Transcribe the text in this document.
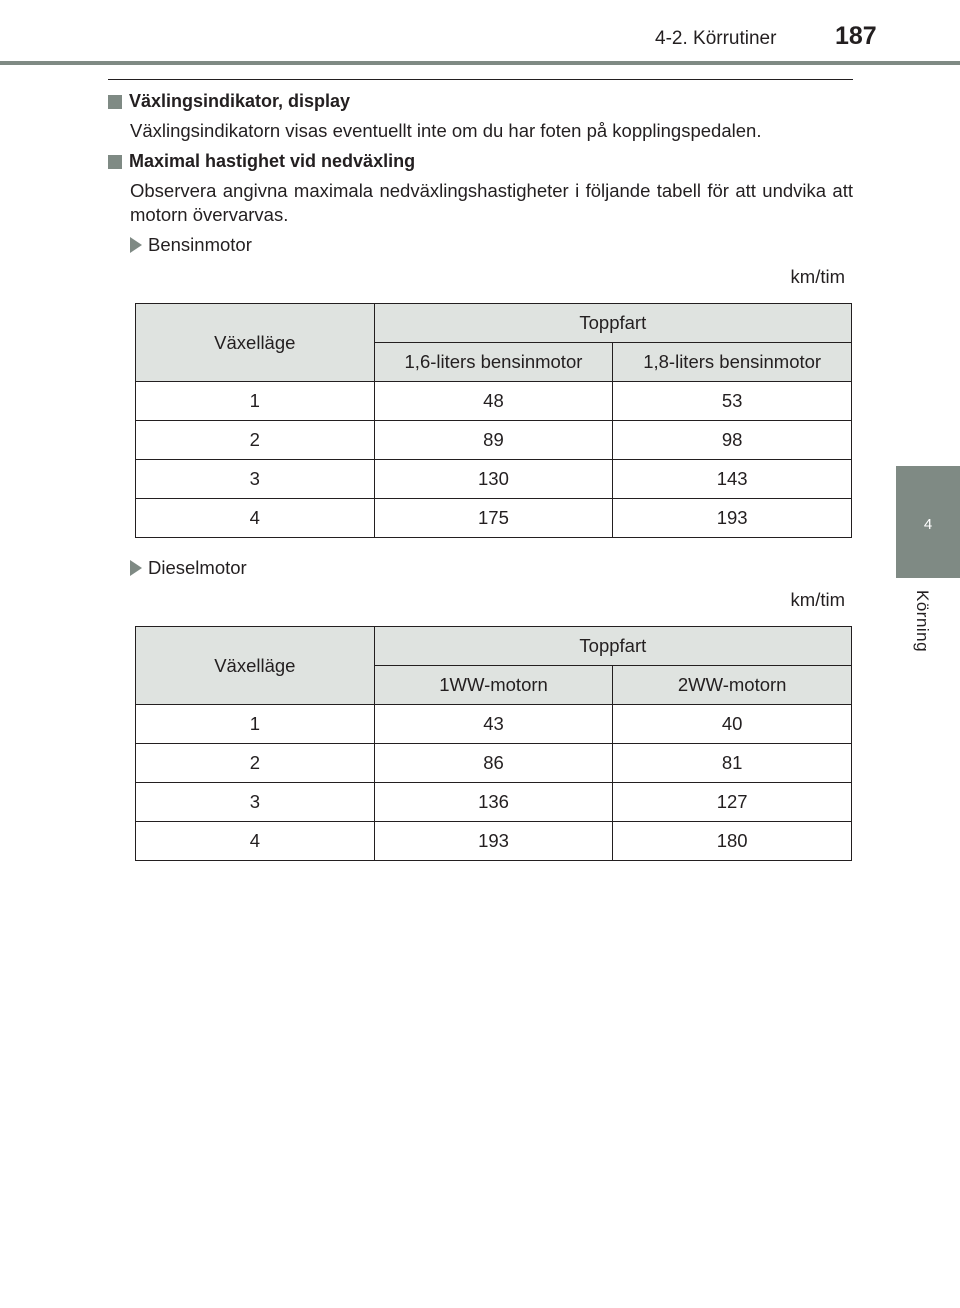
4-2. Körrutiner 187
4
Körning
Växlingsindikator, display
Växlingsindikatorn visas eventuellt inte om du har foten på kopplingspedalen.
Maximal hastighet vid nedväxling
Observera angivna maximala nedväxlingshastigheter i följande tabell för att undvika att motorn övervarvas.
Bensinmotor
km/tim
Växelläge	Toppfart	
	1,6-liters bensinmotor	1,8-liters bensinmotor
1	48	53
2	89	98
3	130	143
4	175	193
Dieselmotor
km/tim
Växelläge	Toppfart	
	1WW-motorn	2WW-motorn
1	43	40
2	86	81
3	136	127
4	193	180
